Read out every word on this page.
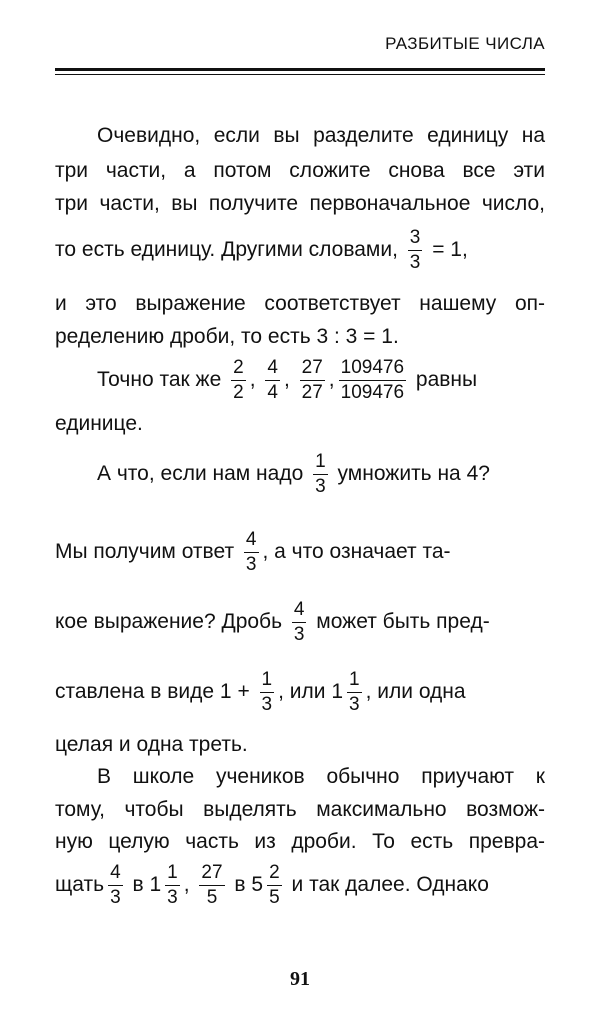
РАЗБИТЫЕ ЧИСЛА
Очевидно, если вы разделите единицу на
три части, а потом сложите снова все эти
три части, вы получите первоначальное число,
то есть единицу. Другими словами, $\frac{3}{3} = 1$,
и это выражение соответствует нашему оп-
ределению дроби, то есть 3 : 3 = 1.
Точно так же $\frac{2}{2}$ , $\frac{4}{4}$ , $\frac{27}{27}$ , $\frac{109476}{109476}$ равны
единице.
А что, если нам надо $\frac{1}{3}$ умножить на 4?
Мы получим ответ $\frac{4}{3}$ , а что означает та-
кое выражение? Дробь $\frac{4}{3}$ может быть пред-
ставлена в виде $1 + \frac{1}{3}$ , или $1 \frac{1}{3}$ , или одна
целая и одна треть.
В школе учеников обычно приучают к
тому, чтобы выделять максимально возмож-
ную целую часть из дроби. То есть превра-
щать $\frac{4}{3}$ в $1 \frac{1}{3}$ , $\frac{27}{5}$ в $5 \frac{2}{5}$ и так далее. Однако
91
